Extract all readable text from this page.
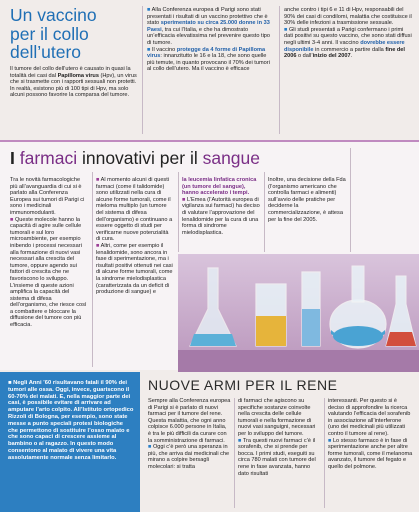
Un vaccino
per il collo
dell’utero
Il tumore del collo dell’utero è causato in quasi la totalità dei casi dal Papilloma virus (Hpv), un virus che si trasmette con i rapporti sessuali non protetti. In realtà, esistono più di 100 tipi di Hpv, ma solo alcuni possono favorire la comparsa del tumore.
■ Alla Conferenza europea di Parigi sono stati presentati i risultati di un vaccino protettivo che è stato sperimentato su circa 25.000 donne in 33 Paesi, tra cui l’Italia, e che ha dimostrato un’efficacia elevatissima nel prevenire questo tipo di tumore.
■ Il vaccino protegge da 4 forme di Papilloma virus: innanzitutto le 16 e la 18, che sono quelle più temute, in quanto provocano il 70% dei tumori al collo dell’utero. Ma il vaccino è efficace
anche contro i tipi 6 e 11 di Hpv, responsabili del 90% dei casi di condilomi, malattia che costituisce il 30% delle infezioni a trasmissione sessuale.
■ Gli studi presentati a Parigi confermano i primi dati positivi su questo vaccino, che sono stati diffusi negli ultimi 3-4 anni. Il vaccino dovrebbe essere disponibile in commercio a partire dalla fine del 2006 o dall’inizio del 2007.
I farmaci innovativi per il sangue
Tra le novità farmacologiche più all’avanguardia di cui si è parlato alla Conferenza Europea sui tumori di Parigi ci sono i medicinali immunomodulanti.
■ Queste molecole hanno la capacità di agire sulle cellule tumorali e sul loro microambiente, per esempio inibendo i processi necessari alla formazione di nuovi vasi necessari alla crescita del tumore, oppure agendo sui fattori di crescita che ne favoriscono lo sviluppo. L’insieme di queste azioni amplifica la capacità del sistema di difesa dell’organismo, che riesce così a combattere e bloccare la diffusione del tumore con più efficacia.
■ Al momento alcuni di questi farmaci (come il talidomide) sono utilizzati nella cura di alcune forme tumorali, come il mieloma multiplo (un tumore del sistema di difesa dell’organismo) e continuano a essere oggetto di studi per verificarne nuove potenzialità di cura.
■ Altri, come per esempio il lenalidomide, sono ancora in fase di sperimentazione, ma i risultati positivi ottenuti nei casi di alcune forme tumorali, come la sindrome mielodisplastica (caratterizzata da un deficit di produzione di sangue) e
la leucemia linfatica cronica (un tumore del sangue), hanno accelerato i tempi.
■ L’Emea (l’Autorità europea di vigilanza sui farmaci) ha deciso di valutare l’approvazione del lenalidomide per la cura di una forma di sindrome mielodisplastica.
Inoltre, una decisione della Fda (l’organismo americano che controlla farmaci e alimenti) sull’avvio delle pratiche per deciderne la commercializzazione, è attesa per la fine del 2005.
■ Negli Anni ’60 risultavano fatali il 90% dei tumori alle ossa. Oggi, invece, guariscono il 60-70% dei malati. E, nella maggior parte dei casi, è possibile evitare di arrivare ad amputare l’arto colpito. All’Istituto ortopedico Rizzoli di Bologna, per esempio, sono state messe a punto speciali protesi biologiche che permettono di sostituire l’osso malato e che sono capaci di crescere assieme al bambino o al ragazzo. In questo modo consentono al malato di vivere una vita assolutamente normale senza limitarlo.
NUOVE ARMI PER IL RENE
Sempre alla Conferenza europea di Parigi si è parlato di nuovi farmaci per il tumore del rene. Questa malattia, che ogni anno colpisce 6.000 persone in Italia, è tra le più difficili da curare con la somministrazione di farmaci.
■ Oggi c’è però una speranza in più, che arriva dai medicinali che mirano a colpire bersagli molecolari: si tratta
di farmaci che agiscono su specifiche sostanze coinvolte nella crescita delle cellule tumorali e nella formazione di nuovi vasi sanguigni, necessari per lo sviluppo del tumore.
■ Tra questi nuovi farmaci c’è il sorafenib, che si prende per bocca. I primi studi, eseguiti su circa 780 malati con tumore del rene in fase avanzata, hanno dato risultati
interessanti. Per questo si è deciso di approfondire la ricerca valutando l’efficacia del sorafenib in associazione all’interferone (uno dei medicinali più utilizzati contro il tumore al rene).
■ Lo stesso farmaco è in fase di sperimentazione anche per altre forme tumorali, come il melanoma avanzato, il tumore del fegato e quello del polmone.
